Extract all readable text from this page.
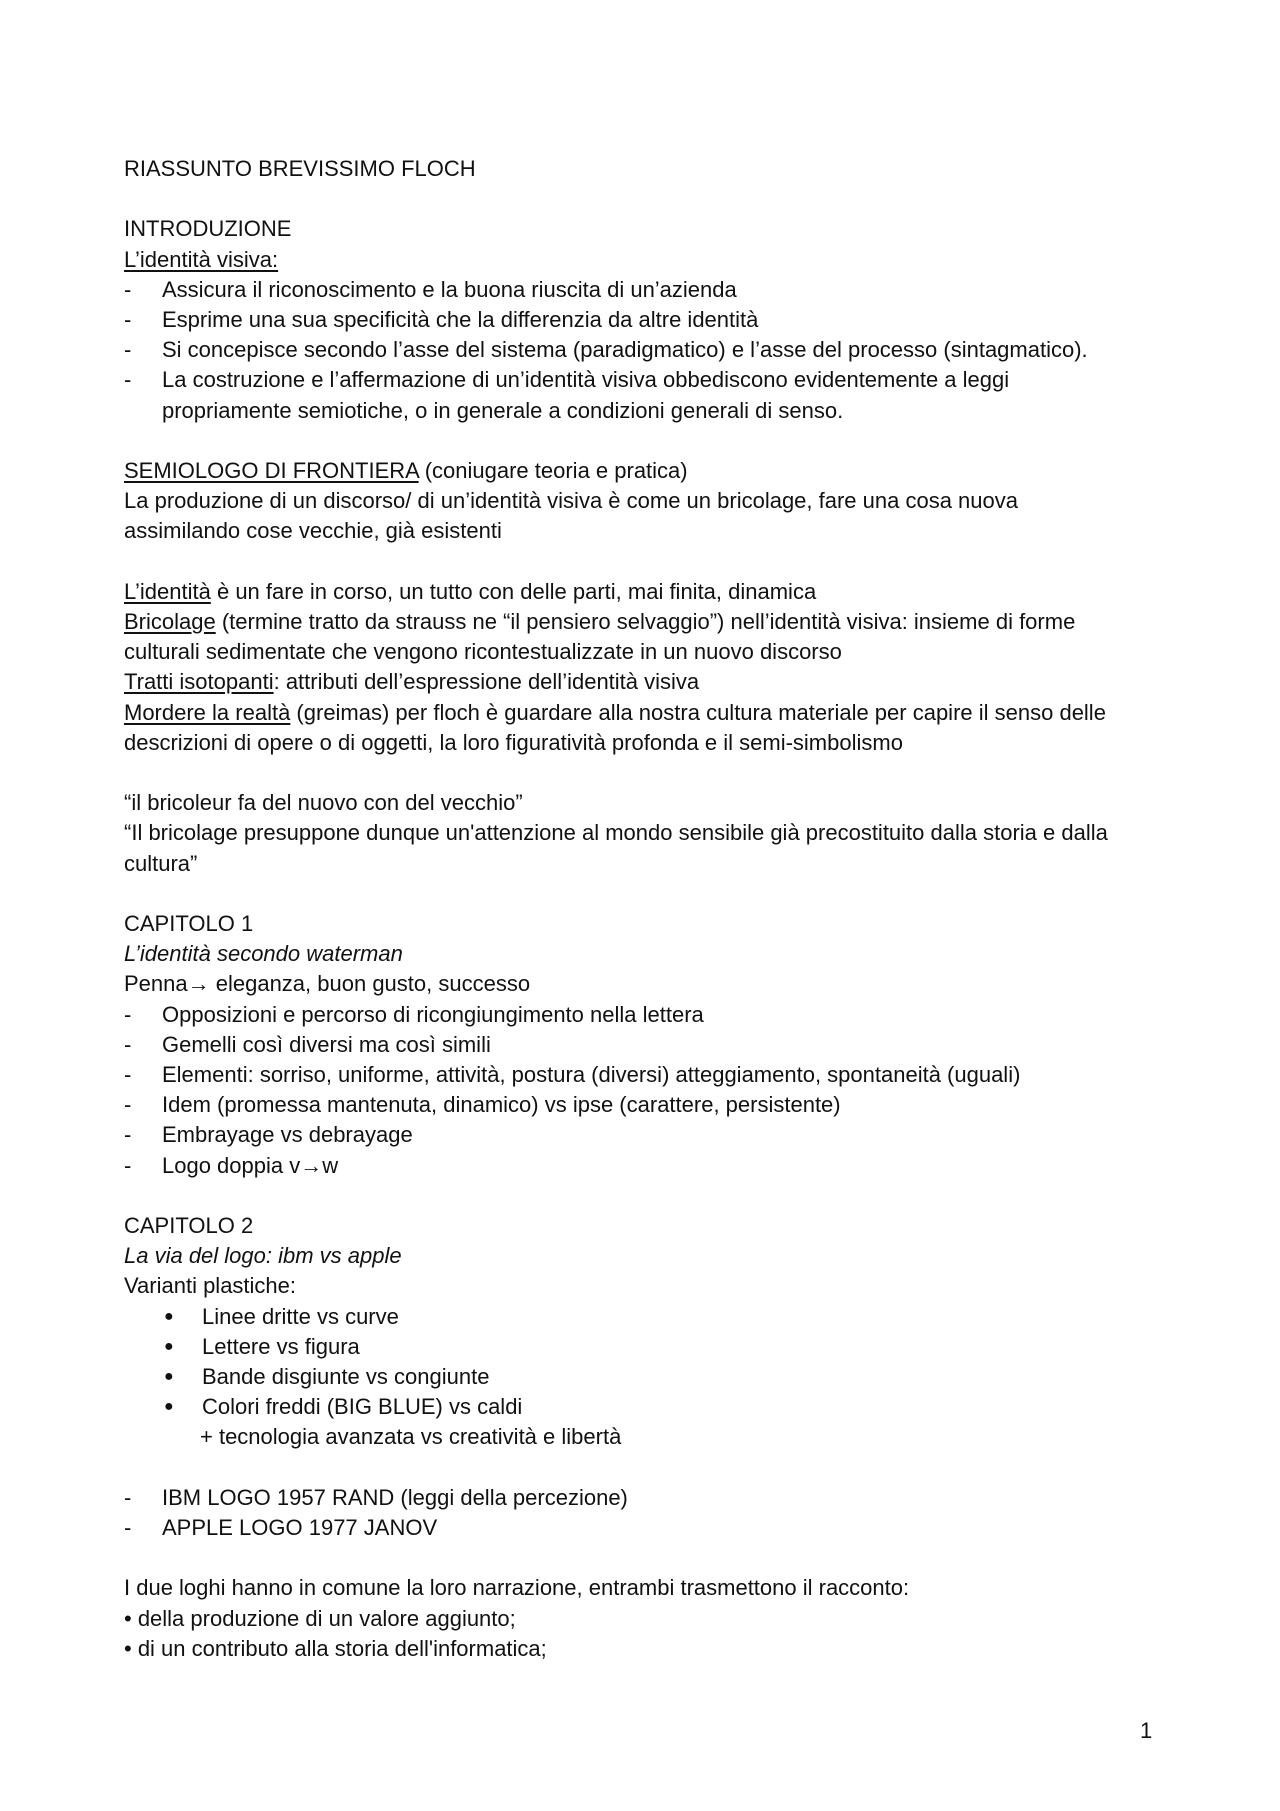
RIASSUNTO BREVISSIMO FLOCH
INTRODUZIONE
L’identità visiva:
-	Assicura il riconoscimento e la buona riuscita di un’azienda
-	Esprime una sua specificità che la differenzia da altre identità
-	Si concepisce secondo l’asse del sistema (paradigmatico) e l’asse del processo (sintagmatico).
-	La costruzione e l’affermazione di un’identità visiva obbediscono evidentemente a leggi
propriamente semiotiche, o in generale a condizioni generali di senso.
SEMIOLOGO DI FRONTIERA (coniugare teoria e pratica)
La produzione di un discorso/ di un’identità visiva è come un bricolage, fare una cosa nuova
assimilando cose vecchie, già esistenti
L’identità è un fare in corso, un tutto con delle parti, mai finita, dinamica
Bricolage (termine tratto da strauss ne “il pensiero selvaggio”) nell’identità visiva: insieme di forme
culturali sedimentate che vengono ricontestualizzate in un nuovo discorso
Tratti isotopanti: attributi dell’espressione dell’identità visiva
Mordere la realtà (greimas) per floch è guardare alla nostra cultura materiale per capire il senso delle
descrizioni di opere o di oggetti, la loro figuratività profonda e il semi-simbolismo
“il bricoleur fa del nuovo con del vecchio”
“Il bricolage presuppone dunque un'attenzione al mondo sensibile già precostituito dalla storia e dalla
cultura”
CAPITOLO 1
L’identità secondo waterman
Penna→ eleganza, buon gusto, successo
-	Opposizioni e percorso di ricongiungimento nella lettera
-	Gemelli così diversi ma così simili
-	Elementi: sorriso, uniforme, attività, postura (diversi) atteggiamento, spontaneità (uguali)
-	Idem (promessa mantenuta, dinamico) vs ipse (carattere, persistente)
-	Embrayage vs debrayage
-	Logo doppia v→w
CAPITOLO 2
La via del logo: ibm vs apple
Varianti plastiche:
●	Linee dritte vs curve
●	Lettere vs figura
●	Bande disgiunte vs congiunte
●	Colori freddi (BIG BLUE) vs caldi
+ tecnologia avanzata vs creatività e libertà
-	IBM LOGO 1957 RAND (leggi della percezione)
-	APPLE LOGO 1977 JANOV
I due loghi hanno in comune la loro narrazione, entrambi trasmettono il racconto:
• della produzione di un valore aggiunto;
• di un contributo alla storia dell'informatica;
1
